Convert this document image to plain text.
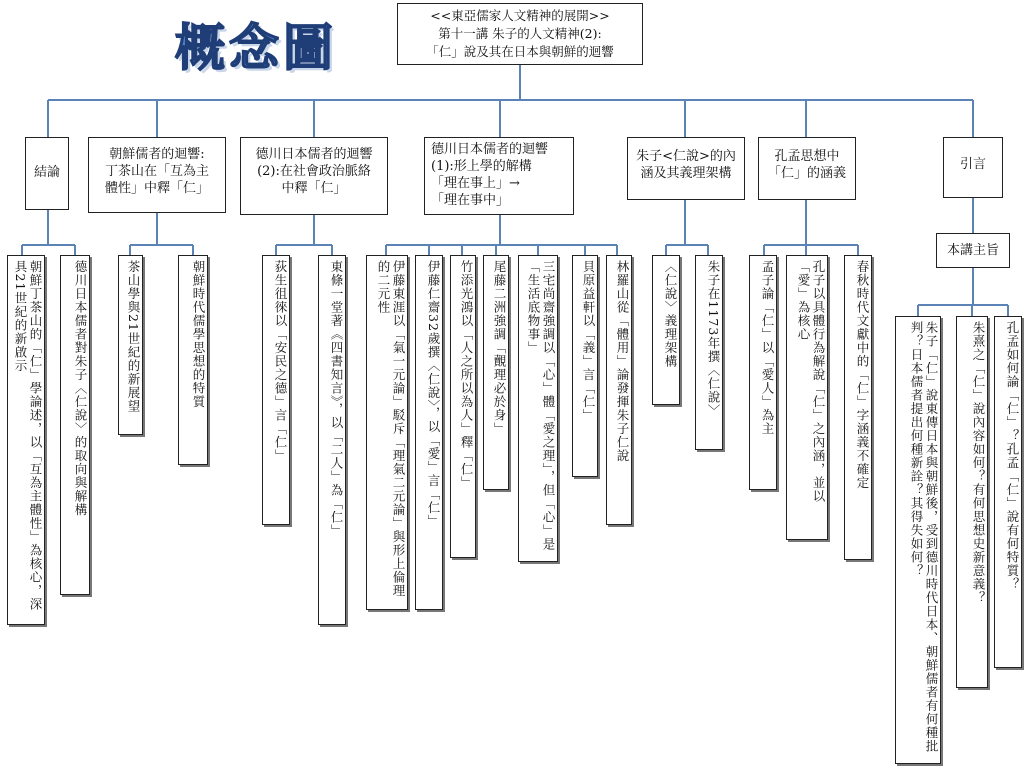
概念圖
<<東亞儒家人文精神的展開>>
第十一講 朱子的人文精神(2):
「仁」說及其在日本與朝鮮的迴響
結論
朝鮮儒者的迴響:
丁茶山在「互為主
體性」中釋「仁」
德川日本儒者的迴響
(2):在社會政治脈絡
中釋「仁」
德川日本儒者的迴響
(1):形上學的解構
「理在事上」→
「理在事中」
朱子<仁說>的內
涵及其義理架構
孔孟思想中
「仁」的涵義
引言
本講主旨
朝鮮丁茶山的「仁」學論述，以「互為主體性」為核心，深具21世紀的新啟示	德川日本儒者對朱子〈仁說〉的取向與解構	茶山學與21世紀的新展望	朝鮮時代儒學思想的特質	荻生徂徠以「安民之德」言「仁」	東條一堂著《四書知言》，以「二人」為「仁」	伊藤東涯以「氣一元論」駁斥「理氣二元論」與形上倫理的二元性	伊藤仁齋32歲撰〈仁說〉，以「愛」言「仁」	竹添光鴻以「人之所以為人」釋「仁」	尾藤二洲強調「覿理必於身」	三宅尚齋強調以「心」體「愛之理」，但「心」是「生活底物事」	貝原益軒以「義」言「仁」	林羅山從「體用」論發揮朱子仁說	〈仁說〉義理架構	朱子在1173年撰〈仁說〉	孟子論「仁」以「愛人」為主	孔子以具體行為解說「仁」之內涵，並以「愛」為核心	春秋時代文獻中的「仁」字涵義不確定	朱子「仁」說東傳日本與朝鮮後，受到德川時代日本、朝鮮儒者有何種批判？日本儒者提出何種新詮？其得失如何？	朱熹之「仁」說內容如何？有何思想史新意義？	孔孟如何論「仁」？孔孟「仁」說有何特質？
